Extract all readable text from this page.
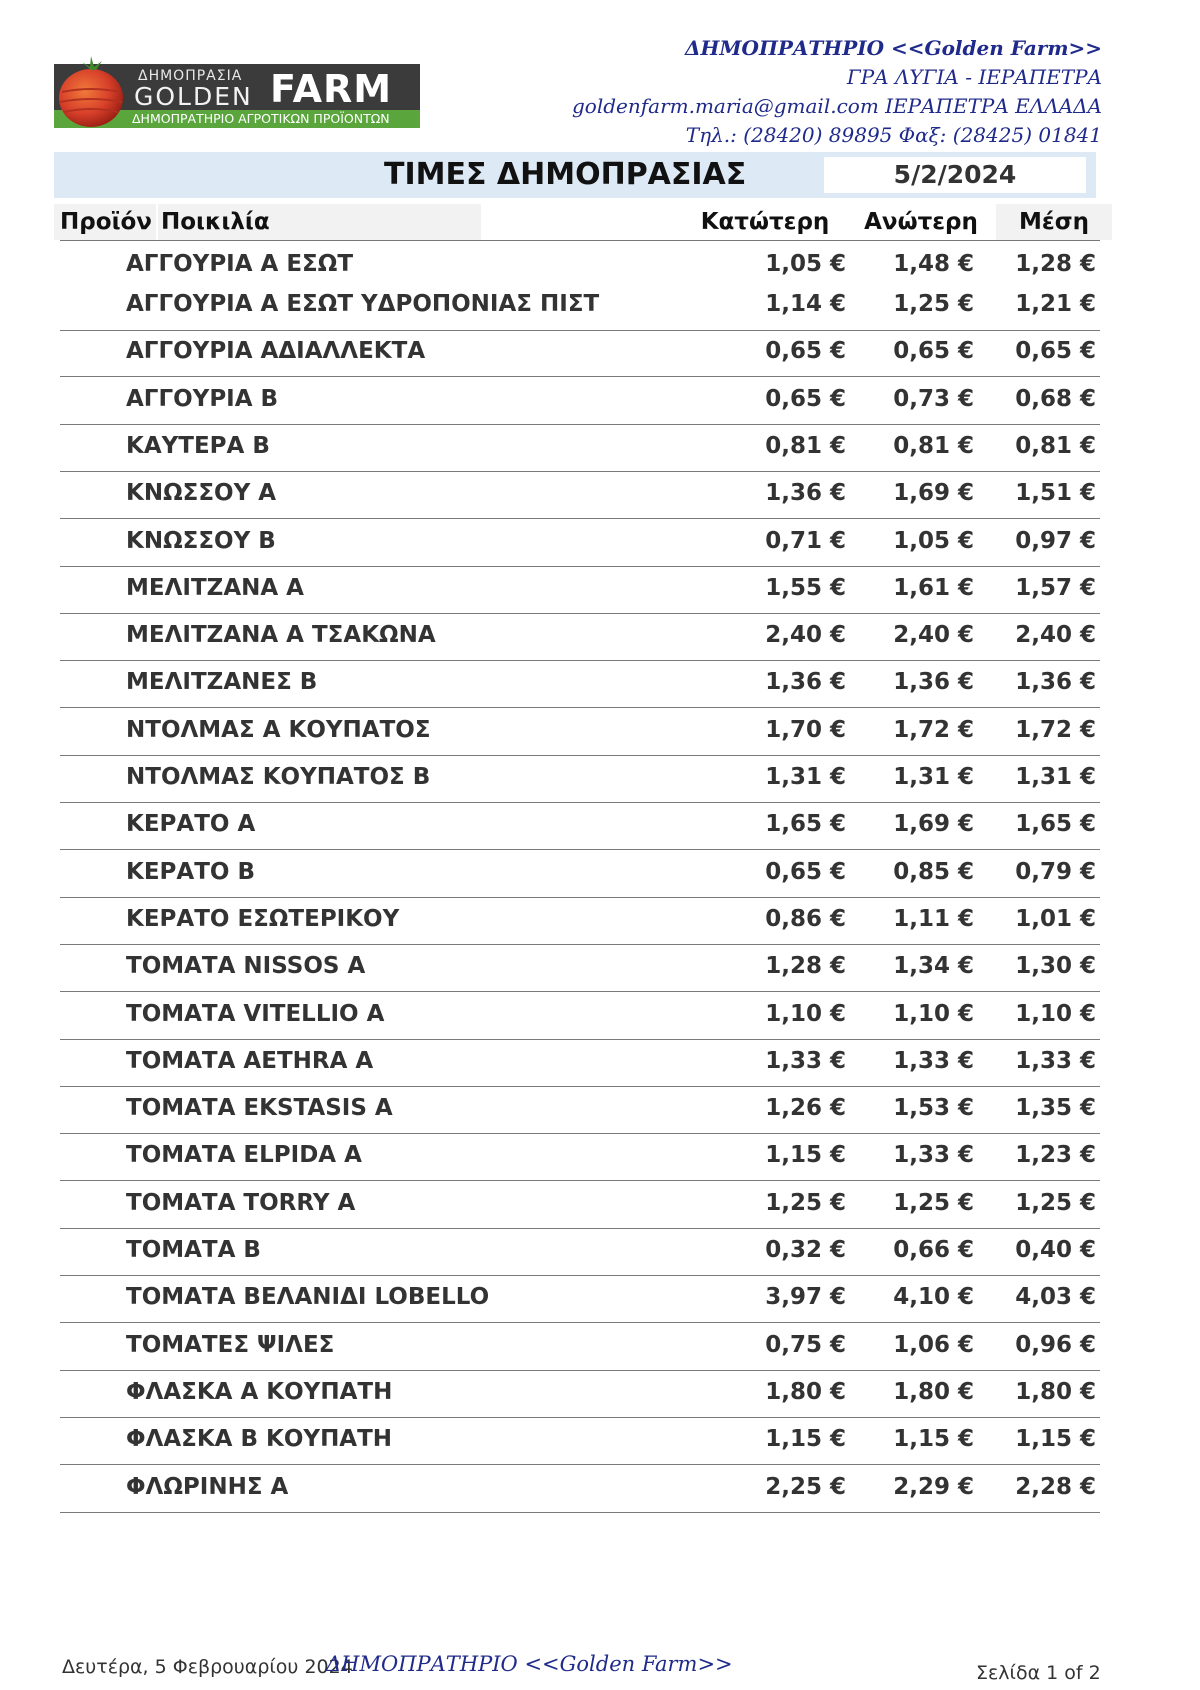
ΔΗΜΟΠΡΑΣΙΑ
GOLDEN FARM
ΔΗΜΟΠΡΑΤΗΡΙΟ ΑΓΡΟΤΙΚΩΝ ΠΡΟΪΟΝΤΩΝ
ΔΗΜΟΠΡΑΤΗΡΙΟ <<Golden Farm>>
ΓΡΑ ΛΥΓΙΑ - ΙΕΡΑΠΕΤΡΑ
goldenfarm.maria@gmail.com ΙΕΡΑΠΕΤΡΑ ΕΛΛΑΔΑ
Τηλ.: (28420) 89895 Φαξ: (28425) 01841
ΤΙΜΕΣ ΔΗΜΟΠΡΑΣΙΑΣ	5/2/2024
Προϊόν Ποικιλία	Κατώτερη	Ανώτερη	Μέση
ΑΓΓΟΥΡΙΑ Α ΕΣΩΤ	1,05 € 1,48 € 1,28 €
ΑΓΓΟΥΡΙΑ Α ΕΣΩΤ ΥΔΡΟΠΟΝΙΑΣ ΠΙΣΤ	1,14 € 1,25 € 1,21 €
ΑΓΓΟΥΡΙΑ ΑΔΙΑΛΛΕΚΤΑ	0,65 € 0,65 € 0,65 €
ΑΓΓΟΥΡΙΑ Β	0,65 € 0,73 € 0,68 €
ΚΑΥΤΕΡΑ Β	0,81 € 0,81 € 0,81 €
ΚΝΩΣΣΟΥ Α	1,36 € 1,69 € 1,51 €
ΚΝΩΣΣΟΥ Β	0,71 € 1,05 € 0,97 €
ΜΕΛΙΤΖΑΝΑ Α	1,55 € 1,61 € 1,57 €
ΜΕΛΙΤΖΑΝΑ Α ΤΣΑΚΩΝΑ	2,40 € 2,40 € 2,40 €
ΜΕΛΙΤΖΑΝΕΣ Β	1,36 € 1,36 € 1,36 €
ΝΤΟΛΜΑΣ Α ΚΟΥΠΑΤΟΣ	1,70 € 1,72 € 1,72 €
ΝΤΟΛΜΑΣ ΚΟΥΠΑΤΟΣ Β	1,31 € 1,31 € 1,31 €
ΚΕΡΑΤΟ Α	1,65 € 1,69 € 1,65 €
ΚΕΡΑΤΟ Β	0,65 € 0,85 € 0,79 €
ΚΕΡΑΤΟ ΕΣΩΤΕΡΙΚΟΥ	0,86 € 1,11 € 1,01 €
ΤΟΜΑΤΑ NISSOS A	1,28 € 1,34 € 1,30 €
ΤΟΜΑΤΑ VITELLIO A	1,10 € 1,10 € 1,10 €
ΤΟΜΑΤΑ AETHRA A	1,33 € 1,33 € 1,33 €
ΤΟΜΑΤΑ EKSTASIS A	1,26 € 1,53 € 1,35 €
ΤΟΜΑΤΑ ELPIDA A	1,15 € 1,33 € 1,23 €
ΤΟΜΑΤΑ TORRY A	1,25 € 1,25 € 1,25 €
ΤΟΜΑΤΑ Β	0,32 € 0,66 € 0,40 €
ΤΟΜΑΤΑ ΒΕΛΑΝΙΔΙ LOBELLO	3,97 € 4,10 € 4,03 €
ΤΟΜΑΤΕΣ ΨΙΛΕΣ	0,75 € 1,06 € 0,96 €
ΦΛΑΣΚΑ Α ΚΟΥΠΑΤΗ	1,80 € 1,80 € 1,80 €
ΦΛΑΣΚΑ Β ΚΟΥΠΑΤΗ	1,15 € 1,15 € 1,15 €
ΦΛΩΡΙΝΗΣ Α	2,25 € 2,29 € 2,28 €
Δευτέρα, 5 Φεβρουαρίου 2024
ΔΗΜΟΠΡΑΤΗΡΙΟ <<Golden Farm>>	Σελίδα 1 of 2
